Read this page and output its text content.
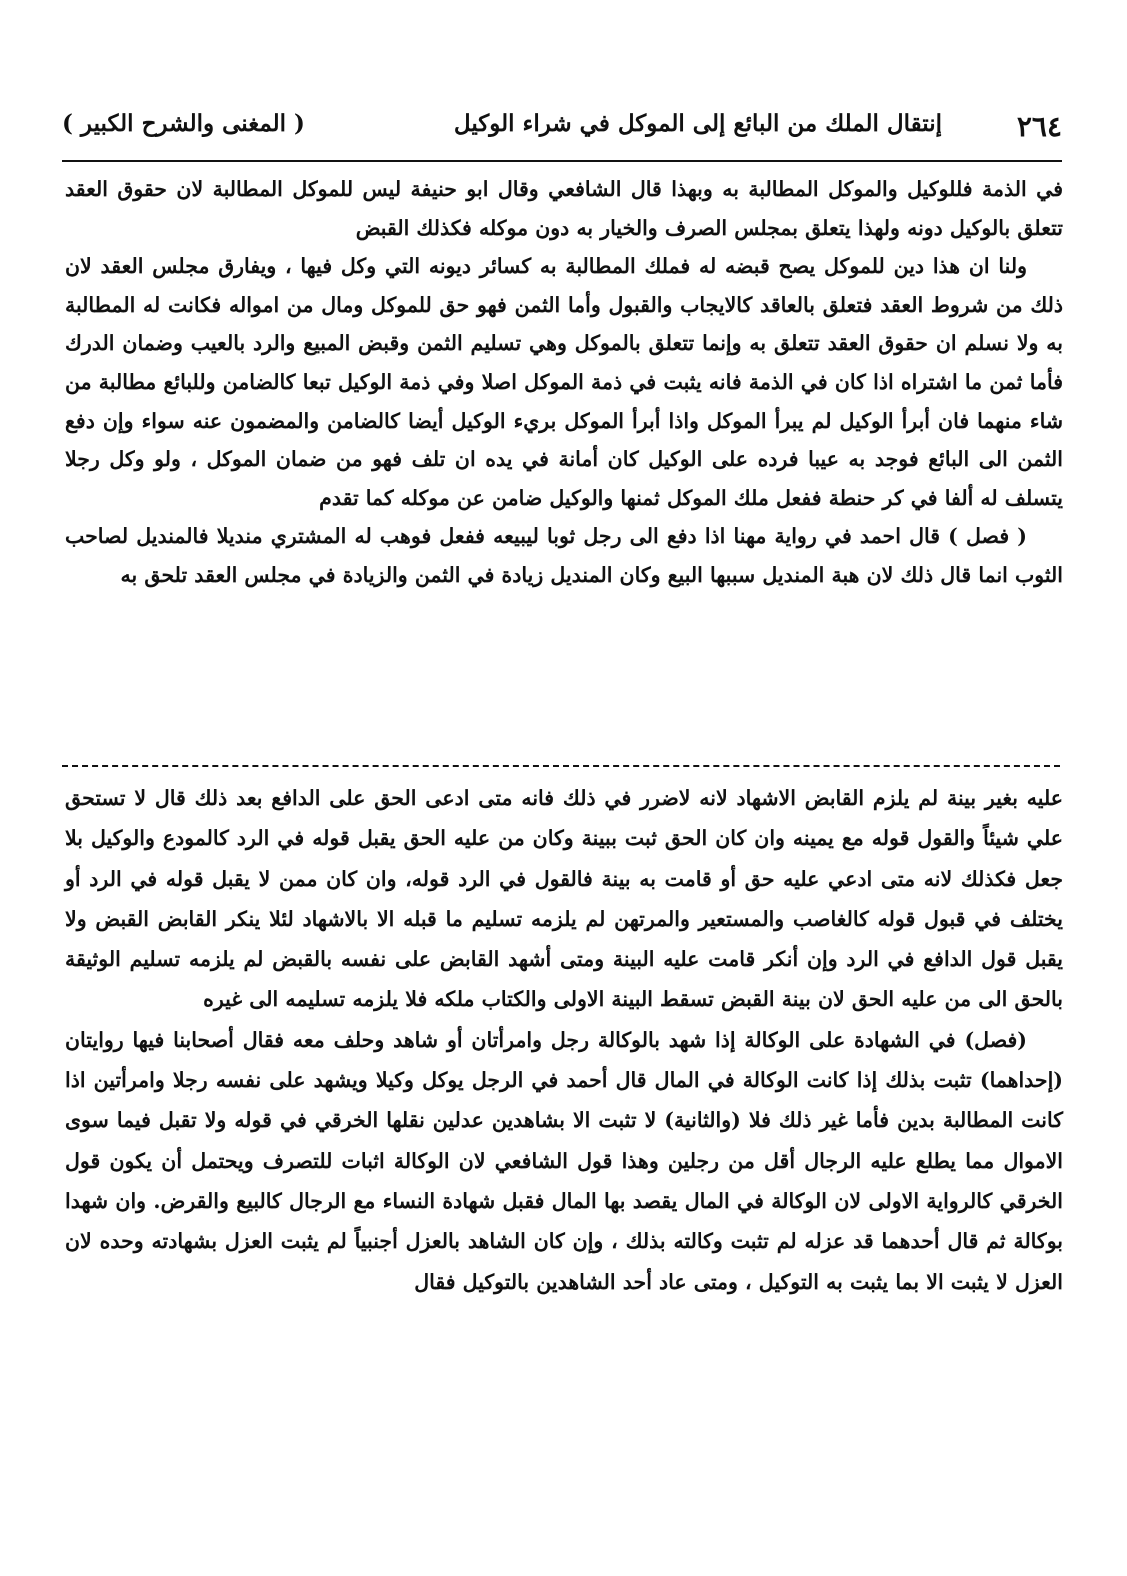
٢٦٤
إنتقال الملك من البائع إلى الموكل في شراء الوكيل
( المغنى والشرح الكبير )

في الذمة فللوكيل والموكل المطالبة به وبهذا قال الشافعي وقال ابو حنيفة ليس للموكل المطالبة لان حقوق العقد تتعلق بالوكيل دونه ولهذا يتعلق بمجلس الصرف والخيار به دون موكله فكذلك القبض

ولنا ان هذا دين للموكل يصح قبضه له فملك المطالبة به كسائر ديونه التي وكل فيها ، ويفارق مجلس العقد لان ذلك من شروط العقد فتعلق بالعاقد كالايجاب والقبول وأما الثمن فهو حق للموكل ومال من امواله فكانت له المطالبة به ولا نسلم ان حقوق العقد تتعلق به وإنما تتعلق بالموكل وهي تسليم الثمن وقبض المبيع والرد بالعيب وضمان الدرك فأما ثمن ما اشتراه اذا كان في الذمة فانه يثبت في ذمة الموكل اصلا وفي ذمة الوكيل تبعا كالضامن وللبائع مطالبة من شاء منهما فان أبرأ الوكيل لم يبرأ الموكل واذا أبرأ الموكل بريء الوكيل أيضا كالضامن والمضمون عنه سواء وإن دفع الثمن الى البائع فوجد به عيبا فرده على الوكيل كان أمانة في يده ان تلف فهو من ضمان الموكل ، ولو وكل رجلا يتسلف له ألفا في كر حنطة ففعل ملك الموكل ثمنها والوكيل ضامن عن موكله كما تقدم

( فصل ) قال احمد في رواية مهنا اذا دفع الى رجل ثوبا ليبيعه ففعل فوهب له المشتري منديلا فالمنديل لصاحب الثوب انما قال ذلك لان هبة المنديل سببها البيع وكان المنديل زيادة في الثمن والزيادة في مجلس العقد تلحق به

عليه بغير بينة لم يلزم القابض الاشهاد لانه لاضرر في ذلك فانه متى ادعى الحق على الدافع بعد ذلك قال لا تستحق علي شيئاً والقول قوله مع يمينه وان كان الحق ثبت ببينة وكان من عليه الحق يقبل قوله في الرد كالمودع والوكيل بلا جعل فكذلك لانه متى ادعي عليه حق أو قامت به بينة فالقول في الرد قوله، وان كان ممن لا يقبل قوله في الرد أو يختلف في قبول قوله كالغاصب والمستعير والمرتهن لم يلزمه تسليم ما قبله الا بالاشهاد لئلا ينكر القابض القبض ولا يقبل قول الدافع في الرد وإن أنكر قامت عليه البينة ومتى أشهد القابض على نفسه بالقبض لم يلزمه تسليم الوثيقة بالحق الى من عليه الحق لان بينة القبض تسقط البينة الاولى والكتاب ملكه فلا يلزمه تسليمه الى غيره

(فصل) في الشهادة على الوكالة إذا شهد بالوكالة رجل وامرأتان أو شاهد وحلف معه فقال أصحابنا فيها روايتان (إحداهما) تثبت بذلك إذا كانت الوكالة في المال قال أحمد في الرجل يوكل وكيلا ويشهد على نفسه رجلا وامرأتين اذا كانت المطالبة بدين فأما غير ذلك فلا (والثانية) لا تثبت الا بشاهدين عدلين نقلها الخرقي في قوله ولا تقبل فيما سوى الاموال مما يطلع عليه الرجال أقل من رجلين وهذا قول الشافعي لان الوكالة اثبات للتصرف ويحتمل أن يكون قول الخرقي كالرواية الاولى لان الوكالة في المال يقصد بها المال فقبل شهادة النساء مع الرجال كالبيع والقرض. وان شهدا بوكالة ثم قال أحدهما قد عزله لم تثبت وكالته بذلك ، وإن كان الشاهد بالعزل أجنبياً لم يثبت العزل بشهادته وحده لان العزل لا يثبت الا بما يثبت به التوكيل ، ومتى عاد أحد الشاهدين بالتوكيل فقال
